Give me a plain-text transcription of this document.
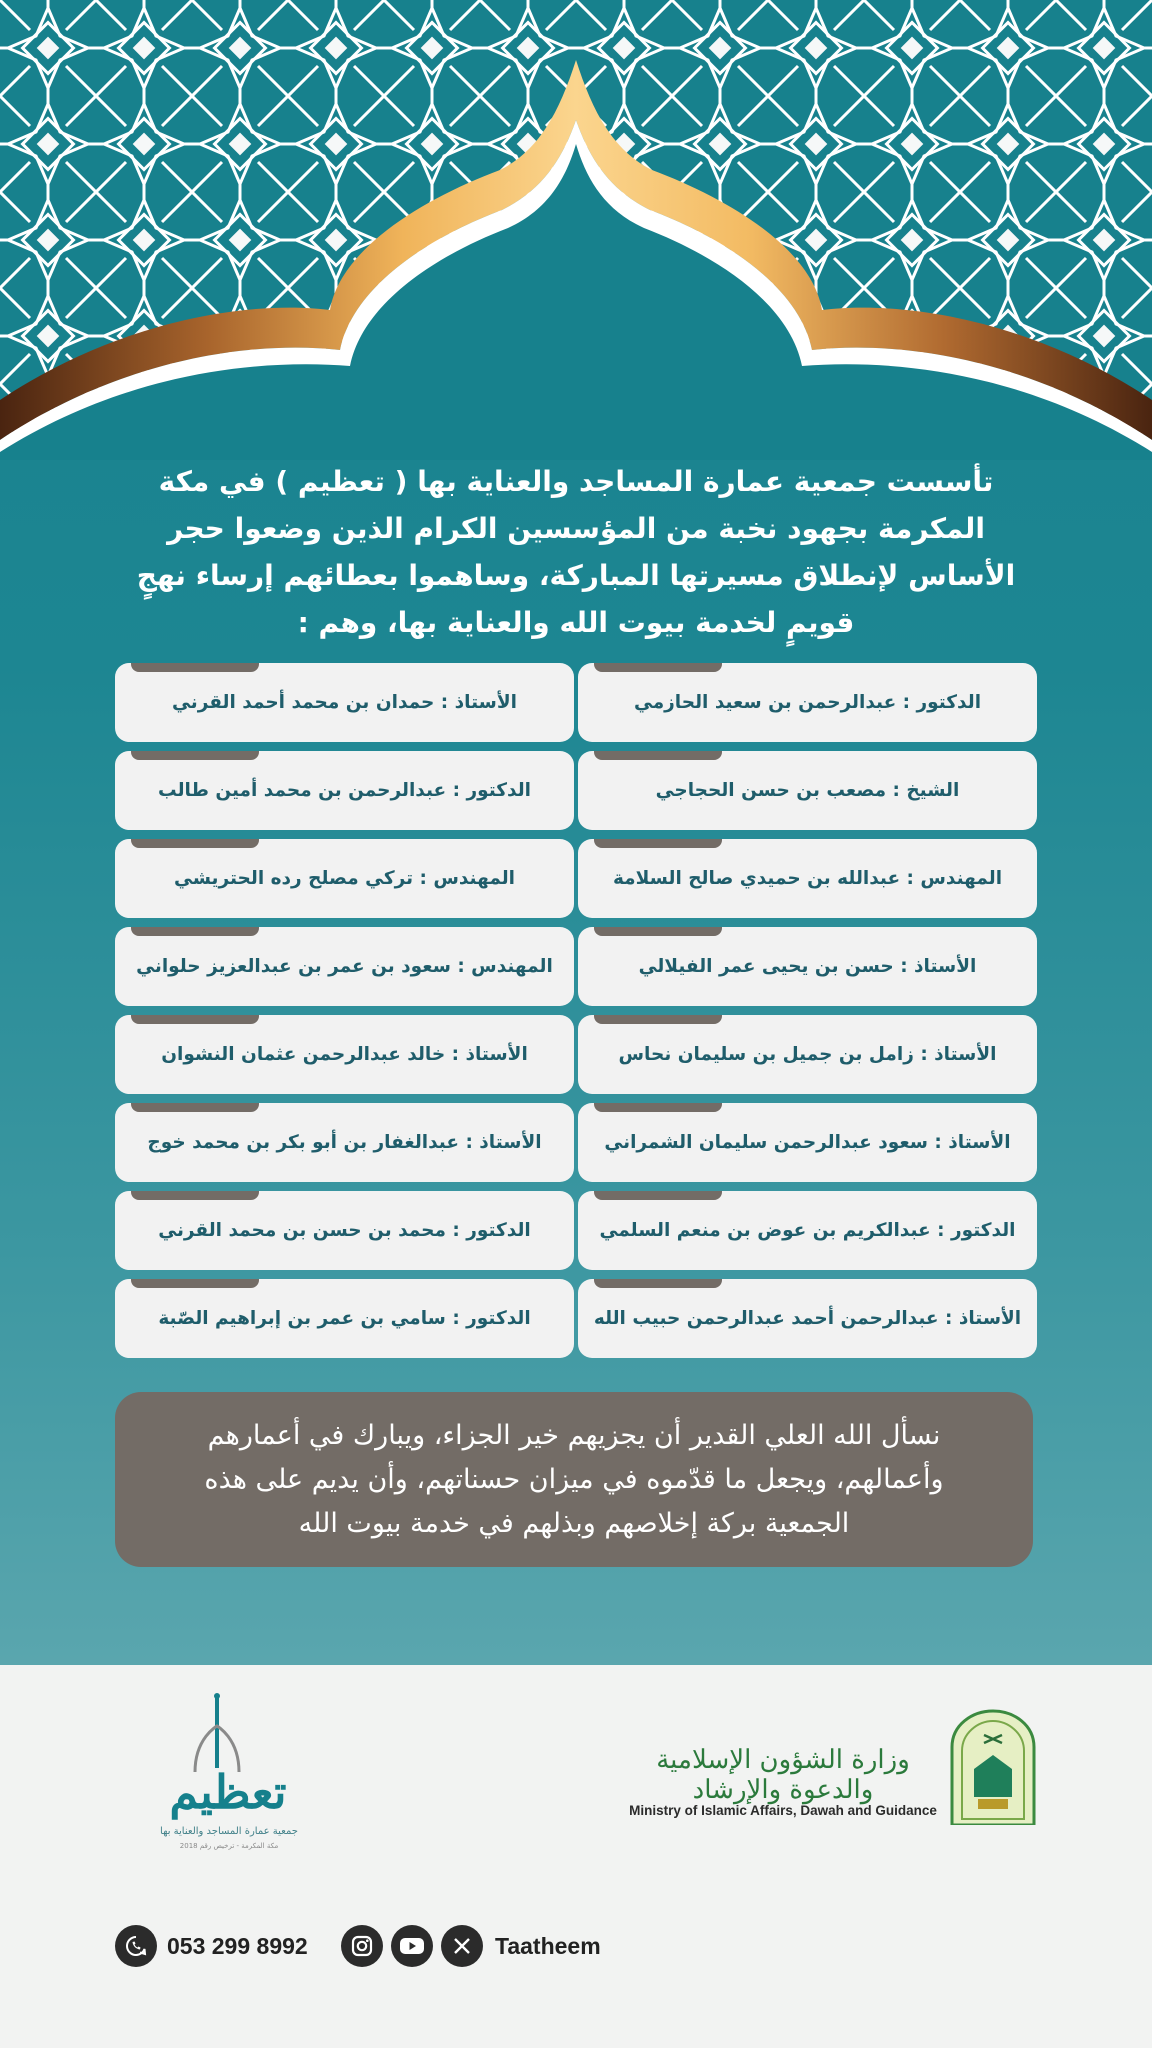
تأسست جمعية عمارة المساجد والعناية بها ( تعظيم ) في مكة المكرمة بجهود نخبة من المؤسسين الكرام الذين وضعوا حجر الأساس لإنطلاق مسيرتها المباركة، وساهموا بعطائهم إرساء نهجٍ قويمٍ لخدمة بيوت الله والعناية بها، وهم :
الدكتور : عبدالرحمن بن سعيد الحازمي
الأستاذ : حمدان بن محمد أحمد القرني
الشيخ : مصعب بن حسن الحجاجي
الدكتور : عبدالرحمن بن محمد أمين طالب
المهندس : عبدالله بن حميدي صالح السلامة
المهندس : تركي مصلح رده الحتريشي
الأستاذ : حسن بن يحيى عمر الفيلالي
المهندس : سعود بن عمر بن عبدالعزيز حلواني
الأستاذ : زامل بن جميل بن سليمان نحاس
الأستاذ : خالد عبدالرحمن عثمان النشوان
الأستاذ : سعود عبدالرحمن سليمان الشمراني
الأستاذ : عبدالغفار بن أبو بكر بن محمد خوج
الدكتور : عبدالكريم بن عوض بن منعم السلمي
الدكتور : محمد بن حسن بن محمد القرني
الأستاذ : عبدالرحمن أحمد عبدالرحمن حبيب الله
الدكتور : سامي بن عمر بن إبراهيم الصّبة
نسأل الله العلي القدير أن يجزيهم خير الجزاء، ويبارك في أعمارهم وأعمالهم، ويجعل ما قدّموه في ميزان حسناتهم، وأن يديم على هذه الجمعية بركة إخلاصهم وبذلهم في خدمة بيوت الله
تعظيم
جمعية عمارة المساجد والعناية بها
مكة المكرمة - ترخيص رقم 2018
وزارة الشؤون الإسلامية والدعوة والإرشاد
Ministry of Islamic Affairs, Dawah and Guidance
053 299 8992	Taatheem
